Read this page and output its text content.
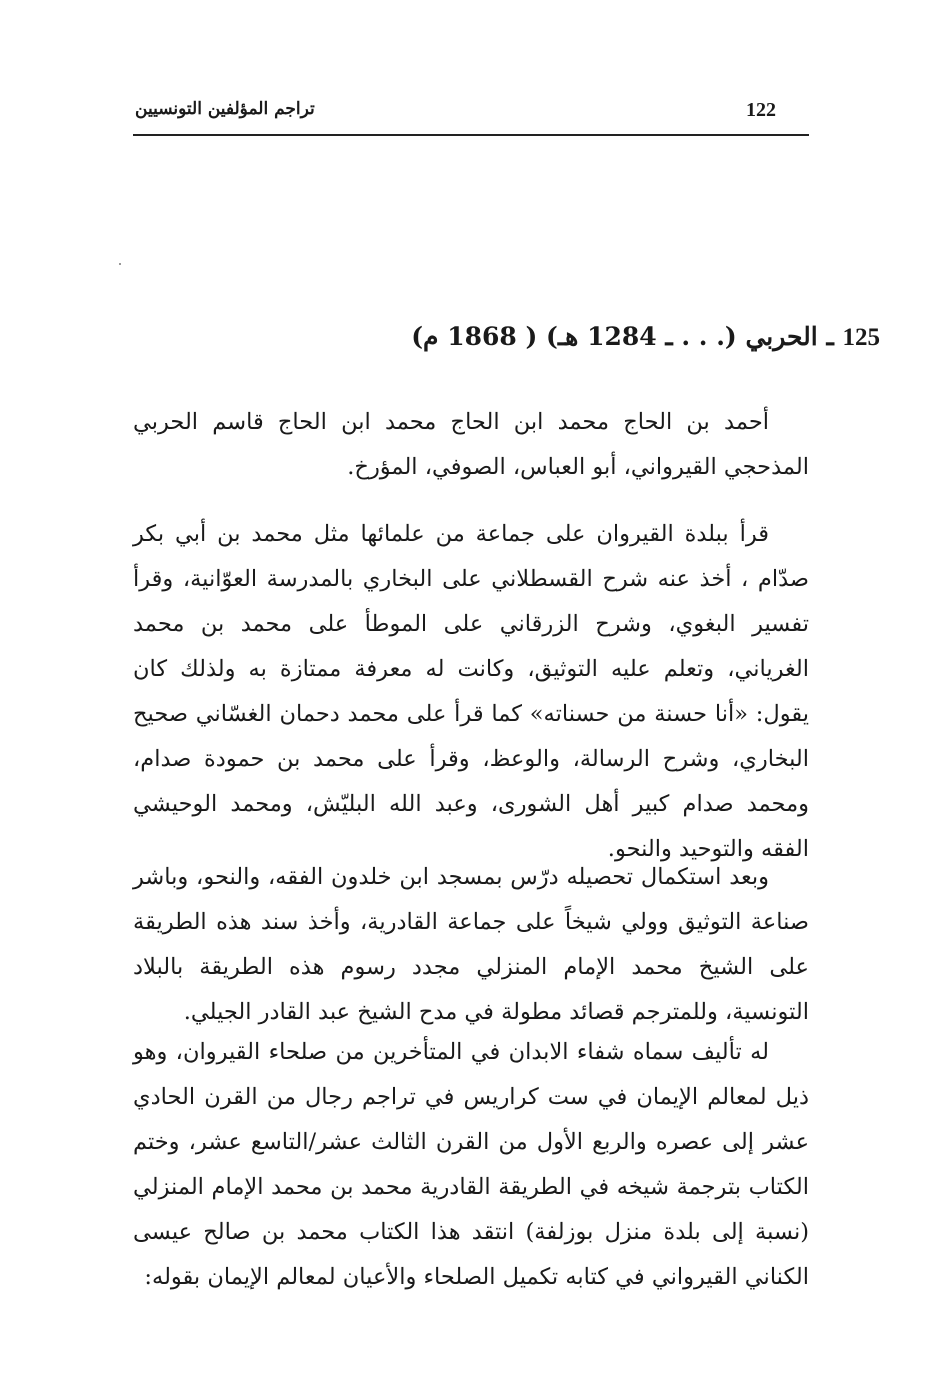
122
تراجم المؤلفين التونسيين
125 ـ الحربي (. . . ـ 1284 هـ) ( 1868 م)
أحمد بن الحاج محمد ابن الحاج محمد ابن الحاج قاسم الحربي المذحجي القيرواني، أبو العباس، الصوفي، المؤرخ.
قرأ ببلدة القيروان على جماعة من علمائها مثل محمد بن أبي بكر صدّام ، أخذ عنه شرح القسطلاني على البخاري بالمدرسة العوّانية، وقرأ تفسير البغوي، وشرح الزرقاني على الموطأ على محمد بن محمد الغرياني، وتعلم عليه التوثيق، وكانت له معرفة ممتازة به ولذلك كان يقول: «أنا حسنة من حسناته» كما قرأ على محمد دحمان الغسّاني صحيح البخاري، وشرح الرسالة، والوعظ، وقرأ على محمد بن حمودة صدام، ومحمد صدام كبير أهل الشورى، وعبد الله البليّش، ومحمد الوحيشي الفقه والتوحيد والنحو.
وبعد استكمال تحصيله درّس بمسجد ابن خلدون الفقه، والنحو، وباشر صناعة التوثيق وولي شيخاً على جماعة القادرية، وأخذ سند هذه الطريقة على الشيخ محمد الإمام المنزلي مجدد رسوم هذه الطريقة بالبلاد التونسية، وللمترجم قصائد مطولة في مدح الشيخ عبد القادر الجيلي.
له تأليف سماه شفاء الابدان في المتأخرين من صلحاء القيروان، وهو ذيل لمعالم الإيمان في ست كراريس في تراجم رجال من القرن الحادي عشر إلى عصره والربع الأول من القرن الثالث عشر/التاسع عشر، وختم الكتاب بترجمة شيخه في الطريقة القادرية محمد بن محمد الإمام المنزلي (نسبة إلى بلدة منزل بوزلفة) انتقد هذا الكتاب محمد بن صالح عيسى الكناني القيرواني في كتابه تكميل الصلحاء والأعيان لمعالم الإيمان بقوله:
